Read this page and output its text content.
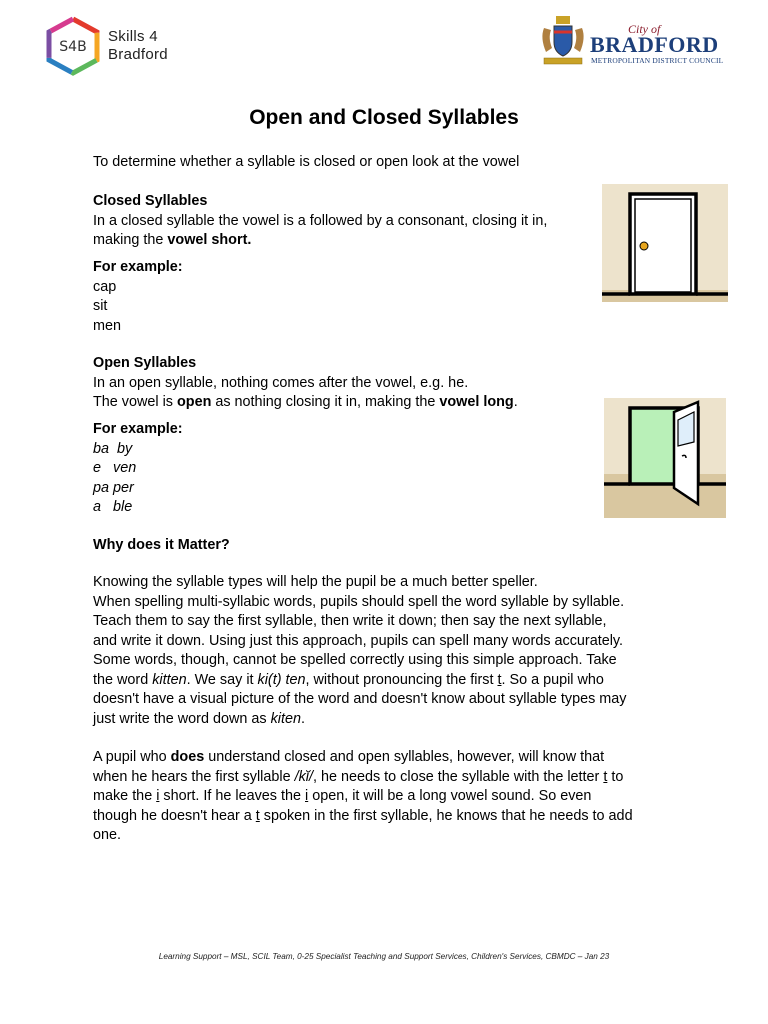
S4B
Skills 4
Bradford
City of
BRADFORD
METROPOLITAN DISTRICT COUNCIL
Open and Closed Syllables
To determine whether a syllable is closed or open look at the vowel

Closed Syllables

In a closed syllable the vowel is a followed by a consonant, closing it in,

making the vowel short.

For example:

cap

sit

men

Open Syllables

In an open syllable, nothing comes after the vowel, e.g. he.

The vowel is open as nothing closing it in, making the vowel long.

For example:

ba  by

e   ven

pa per

a   ble

Why does it Matter?

Knowing the syllable types will help the pupil be a much better speller.

When spelling multi-syllabic words, pupils should spell the word syllable by syllable.

Teach them to say the first syllable, then write it down; then say the next syllable,

and write it down. Using just this approach, pupils can spell many words accurately.

Some words, though, cannot be spelled correctly using this simple approach. Take

the word kitten. We say it ki(t) ten, without pronouncing the first t. So a pupil who

doesn't have a visual picture of the word and doesn't know about syllable types may

just write the word down as kiten.

A pupil who does understand closed and open syllables, however, will know that

when he hears the first syllable /kĭ/, he needs to close the syllable with the letter t to

make the i short. If he leaves the i open, it will be a long vowel sound. So even

though he doesn't hear a t spoken in the first syllable, he knows that he needs to add

one.

Learning Support – MSL, SCIL Team, 0-25 Specialist Teaching and Support Services, Children's Services, CBMDC – Jan 23
